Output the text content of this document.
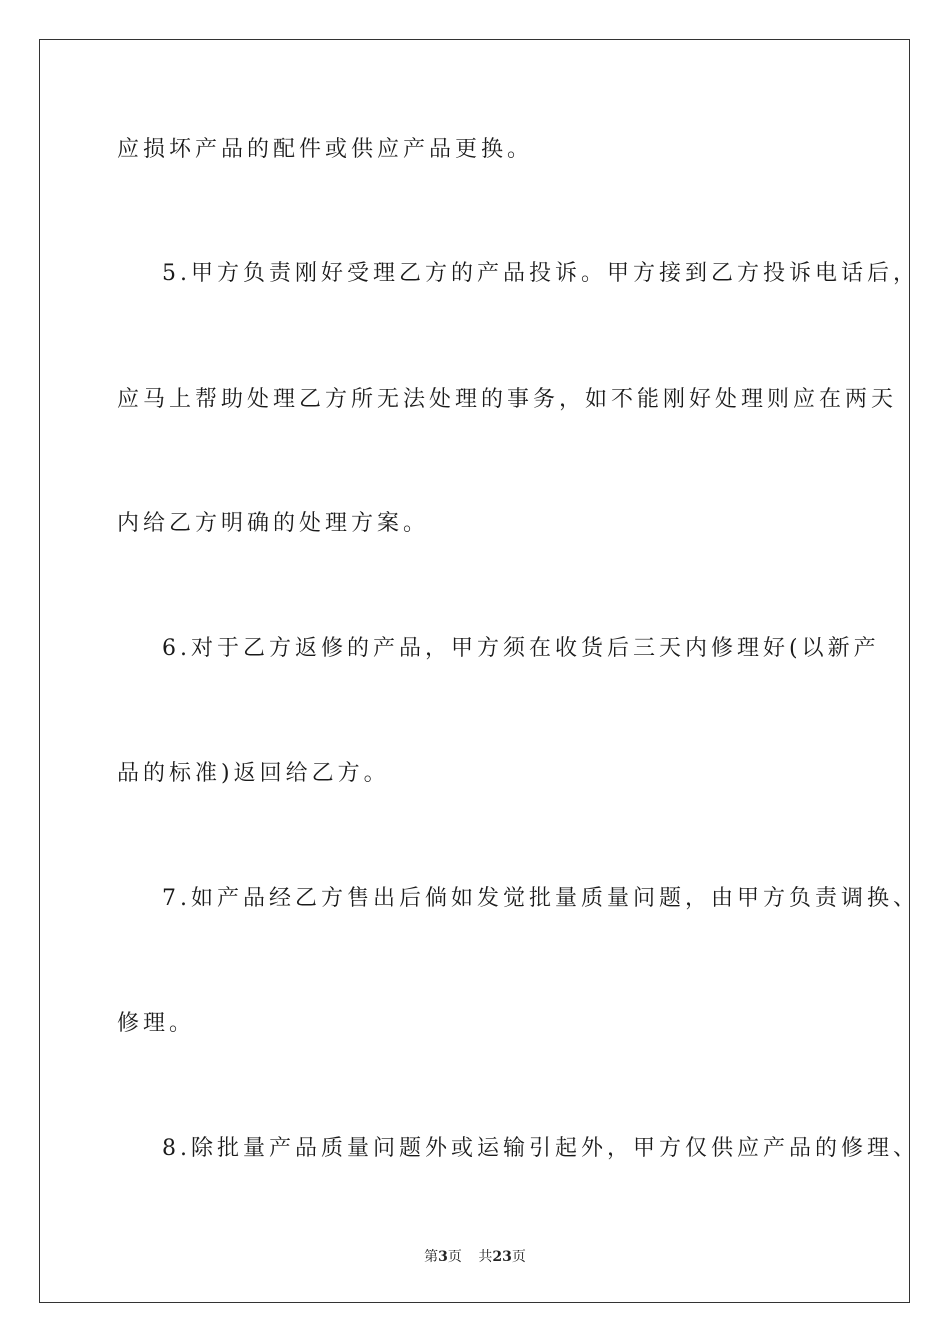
应损坏产品的配件或供应产品更换。
5.甲方负责刚好受理乙方的产品投诉。甲方接到乙方投诉电话后，
应马上帮助处理乙方所无法处理的事务，如不能刚好处理则应在两天
内给乙方明确的处理方案。
6.对于乙方返修的产品，甲方须在收货后三天内修理好(以新产
品的标准)返回给乙方。
7.如产品经乙方售出后倘如发觉批量质量问题，由甲方负责调换、
修理。
8.除批量产品质量问题外或运输引起外，甲方仅供应产品的修理、
第3页 共23页
